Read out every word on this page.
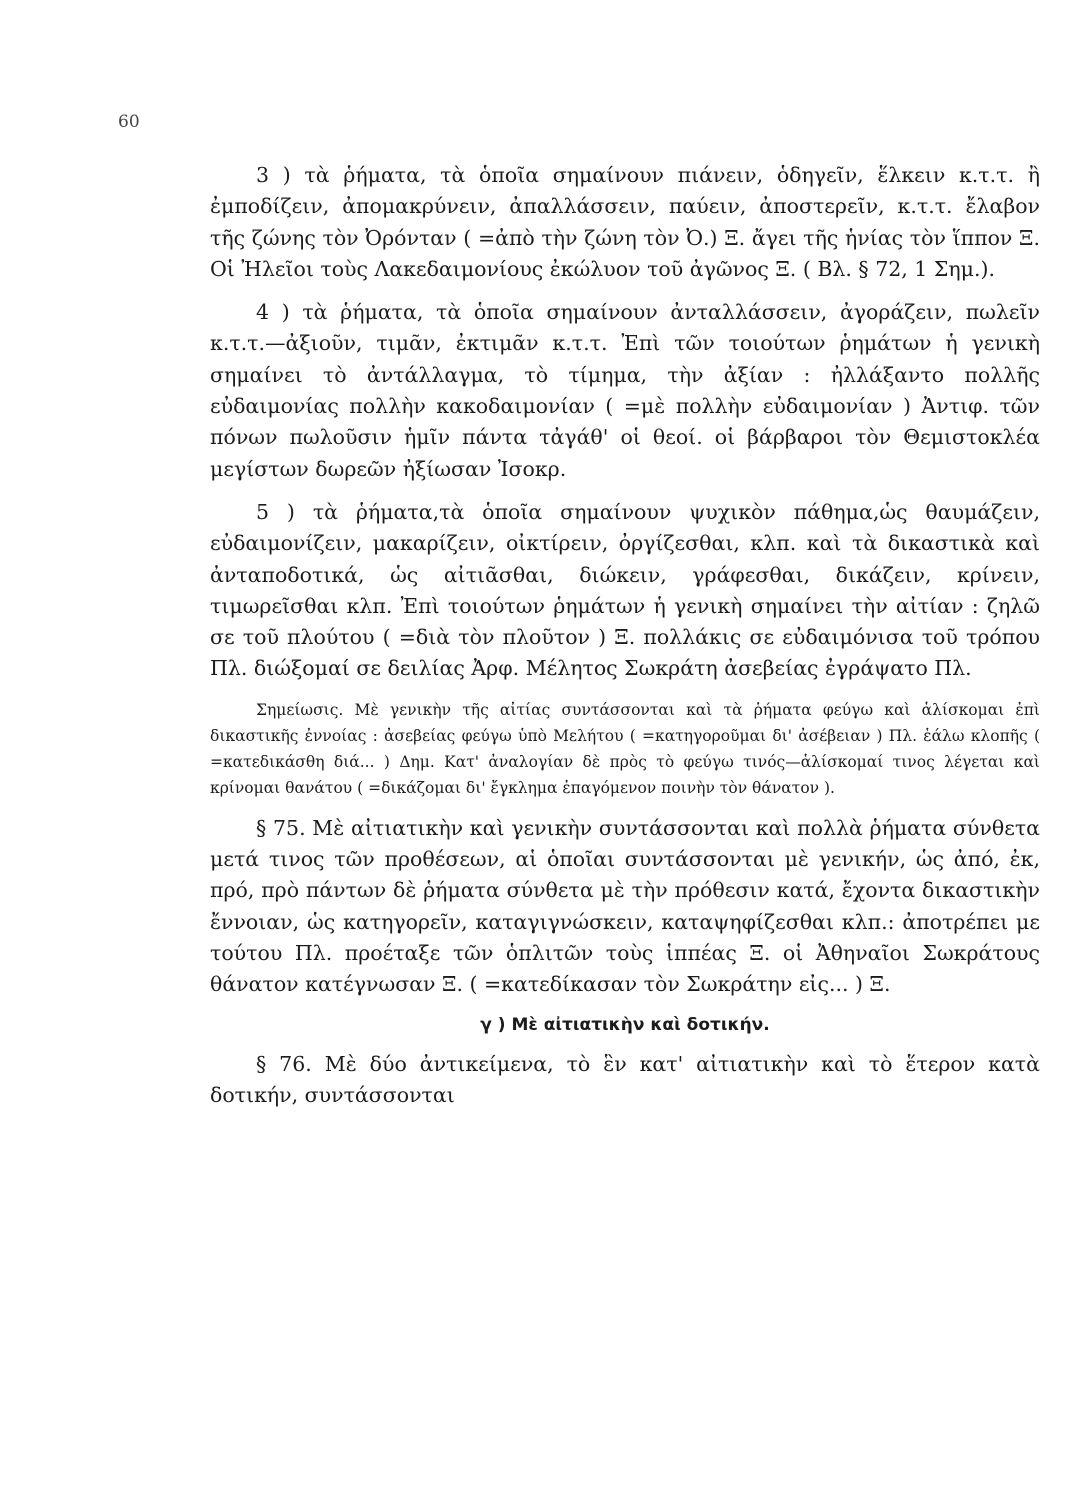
60

3 ) τὰ ῥήματα, τὰ ὁποῖα σημαίνουν πιάνειν, ὁδηγεῖν, ἕλκειν κ.τ.τ. ἢ ἐμποδίζειν, ἀπομακρύνειν, ἀπαλλάσσειν, παύειν, ἀποστερεῖν, κ.τ.τ. ἔλαβον τῆς ζώνης τὸν Ὀρόνταν ( =ἀπὸ τὴν ζώνη τὸν Ὀ.) Ξ. ἄγει τῆς ἡνίας τὸν ἵππον Ξ. Οἱ Ἠλεῖοι τοὺς Λακεδαιμονίους ἐκώλυον τοῦ ἀγῶνος Ξ. ( Βλ. § 72, 1 Σημ.).

4 ) τὰ ῥήματα, τὰ ὁποῖα σημαίνουν ἀνταλλάσσειν, ἀγοράζειν, πωλεῖν κ.τ.τ.—ἀξιοῦν, τιμᾶν, ἐκτιμᾶν κ.τ.τ. Ἐπὶ τῶν τοιούτων ῥημάτων ἡ γενικὴ σημαίνει τὸ ἀντάλλαγμα, τὸ τίμημα, τὴν ἀξίαν : ἠλλάξαντο πολλῆς εὐδαιμονίας πολλὴν κακοδαιμονίαν ( =μὲ πολλὴν εὐδαιμονίαν ) Ἀντιφ. τῶν πόνων πωλοῦσιν ἡμῖν πάντα τἀγάθ' οἱ θεοί. οἱ βάρβαροι τὸν Θεμιστοκλέα μεγίστων δωρεῶν ἠξίωσαν Ἰσοκρ.

5 ) τὰ ῥήματα,τὰ ὁποῖα σημαίνουν ψυχικὸν πάθημα,ὡς θαυμάζειν, εὐδαιμονίζειν, μακαρίζειν, οἰκτίρειν, ὀργίζεσθαι, κλπ. καὶ τὰ δικαστικὰ καὶ ἀνταποδοτικά, ὡς αἰτιᾶσθαι, διώκειν, γράφεσθαι, δικάζειν, κρίνειν, τιμωρεῖσθαι κλπ. Ἐπὶ τοιούτων ῥημάτων ἡ γενικὴ σημαίνει τὴν αἰτίαν : ζηλῶ σε τοῦ πλούτου ( =διὰ τὸν πλοῦτον ) Ξ. πολλάκις σε εὐδαιμόνισα τοῦ τρόπου Πλ. διώξομαί σε δειλίας Ἀρφ. Μέλητος Σωκράτη ἀσεβείας ἐγράψατο Πλ.

Σημείωσις. Μὲ γενικὴν τῆς αἰτίας συντάσσονται καὶ τὰ ῥήματα φεύγω καὶ ἁλίσκομαι ἐπὶ δικαστικῆς ἐννοίας : ἀσεβείας φεύγω ὑπὸ Μελήτου ( =κατηγοροῦμαι δι' ἀσέβειαν ) Πλ. ἑάλω κλοπῆς ( =κατεδικάσθη διά... ) Δημ. Κατ' ἀναλογίαν δὲ πρὸς τὸ φεύγω τινός—ἁλίσκομαί τινος λέγεται καὶ κρίνομαι θανάτου ( =δικάζομαι δι' ἔγκλημα ἐπαγόμενον ποινὴν τὸν θάνατον ).

§ 75. Μὲ αἰτιατικὴν καὶ γενικὴν συντάσσονται καὶ πολλὰ ῥήματα σύνθετα μετά τινος τῶν προθέσεων, αἱ ὁποῖαι συντάσσονται μὲ γενικήν, ὡς ἀπό, ἐκ, πρό, πρὸ πάντων δὲ ῥήματα σύνθετα μὲ τὴν πρόθεσιν κατά, ἔχοντα δικαστικὴν ἔννοιαν, ὡς κατηγορεῖν, καταγιγνώσκειν, καταψηφίζεσθαι κλπ.: ἀποτρέπει με τούτου Πλ. προέταξε τῶν ὁπλιτῶν τοὺς ἱππέας Ξ. οἱ Ἀθηναῖοι Σωκράτους θάνατον κατέγνωσαν Ξ. ( =κατεδίκασαν τὸν Σωκράτην εἰς... ) Ξ.

γ ) Μὲ αἰτιατικὴν καὶ δοτικήν.

§ 76. Μὲ δύο ἀντικείμενα, τὸ ἓν κατ' αἰτιατικὴν καὶ τὸ ἕτερον κατὰ δοτικήν, συντάσσονται
